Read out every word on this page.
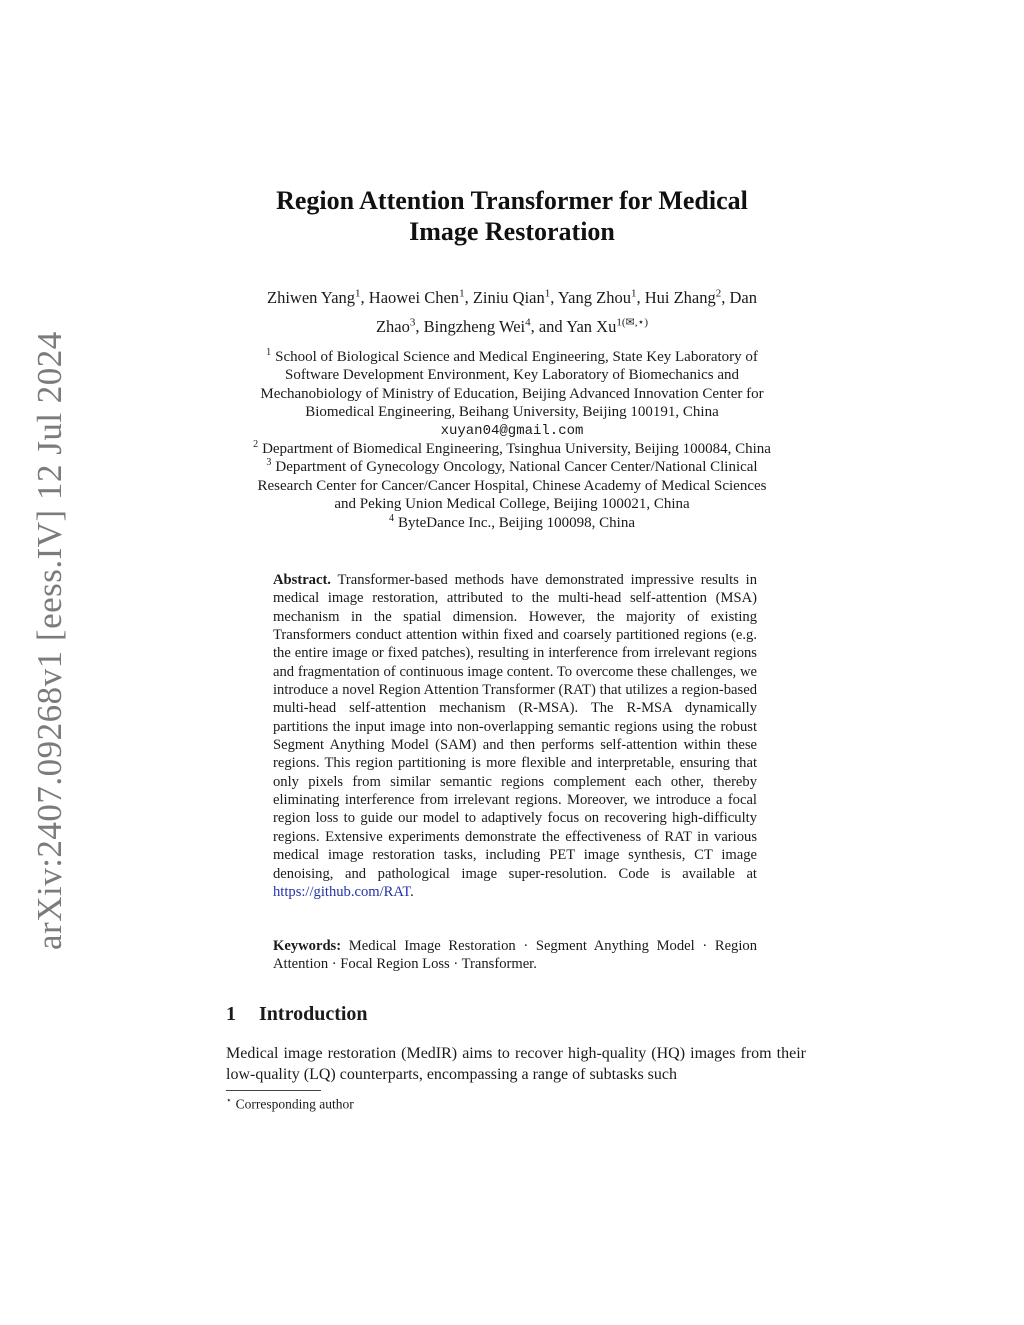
arXiv:2407.09268v1 [eess.IV] 12 Jul 2024
Region Attention Transformer for Medical
Image Restoration
Zhiwen Yang$^1$, Haowei Chen$^1$, Ziniu Qian$^1$, Yang Zhou$^1$, Hui Zhang$^2$, Dan
Zhao$^3$, Bingzheng Wei$^4$, and Yan $Xu^{1(✉,⋆)}$
$^1$ School of Biological Science and Medical Engineering, State Key Laboratory of
Software Development Environment, Key Laboratory of Biomechanics and
Mechanobiology of Ministry of Education, Beijing Advanced Innovation Center for
Biomedical Engineering, Beihang University, Beijing 100191, China
xuyan04@gmail.com
$^2$ Department of Biomedical Engineering, Tsinghua University, Beijing 100084, China
$^3$ Department of Gynecology Oncology, National Cancer Center/National Clinical
Research Center for Cancer/Cancer Hospital, Chinese Academy of Medical Sciences
and Peking Union Medical College, Beijing 100021, China
$^4$ ByteDance Inc., Beijing 100098, China
Abstract. Transformer-based methods have demonstrated impressive results in medical image restoration, attributed to the multi-head self-attention (MSA) mechanism in the spatial dimension. However, the majority of existing Transformers conduct attention within fixed and coarsely partitioned regions (e.g. the entire image or fixed patches), resulting in interference from irrelevant regions and fragmentation of continuous image content. To overcome these challenges, we introduce a novel Region Attention Transformer (RAT) that utilizes a region-based multi-head self-attention mechanism (R-MSA). The R-MSA dynamically partitions the input image into non-overlapping semantic regions using the robust Segment Anything Model (SAM) and then performs self-attention within these regions. This region partitioning is more flexible and interpretable, ensuring that only pixels from similar semantic regions complement each other, thereby eliminating interference from irrelevant regions. Moreover, we introduce a focal region loss to guide our model to adaptively focus on recovering high-difficulty regions. Extensive experiments demonstrate the effectiveness of RAT in various medical image restoration tasks, including PET image synthesis, CT image denoising, and pathological image super-resolution. Code is available at https://github.com/RAT.
Keywords: Medical Image Restoration · Segment Anything Model · Region Attention · Focal Region Loss · Transformer.
1 Introduction
Medical image restoration (MedIR) aims to recover high-quality (HQ) images from their low-quality (LQ) counterparts, encompassing a range of subtasks such
⋆ Corresponding author
